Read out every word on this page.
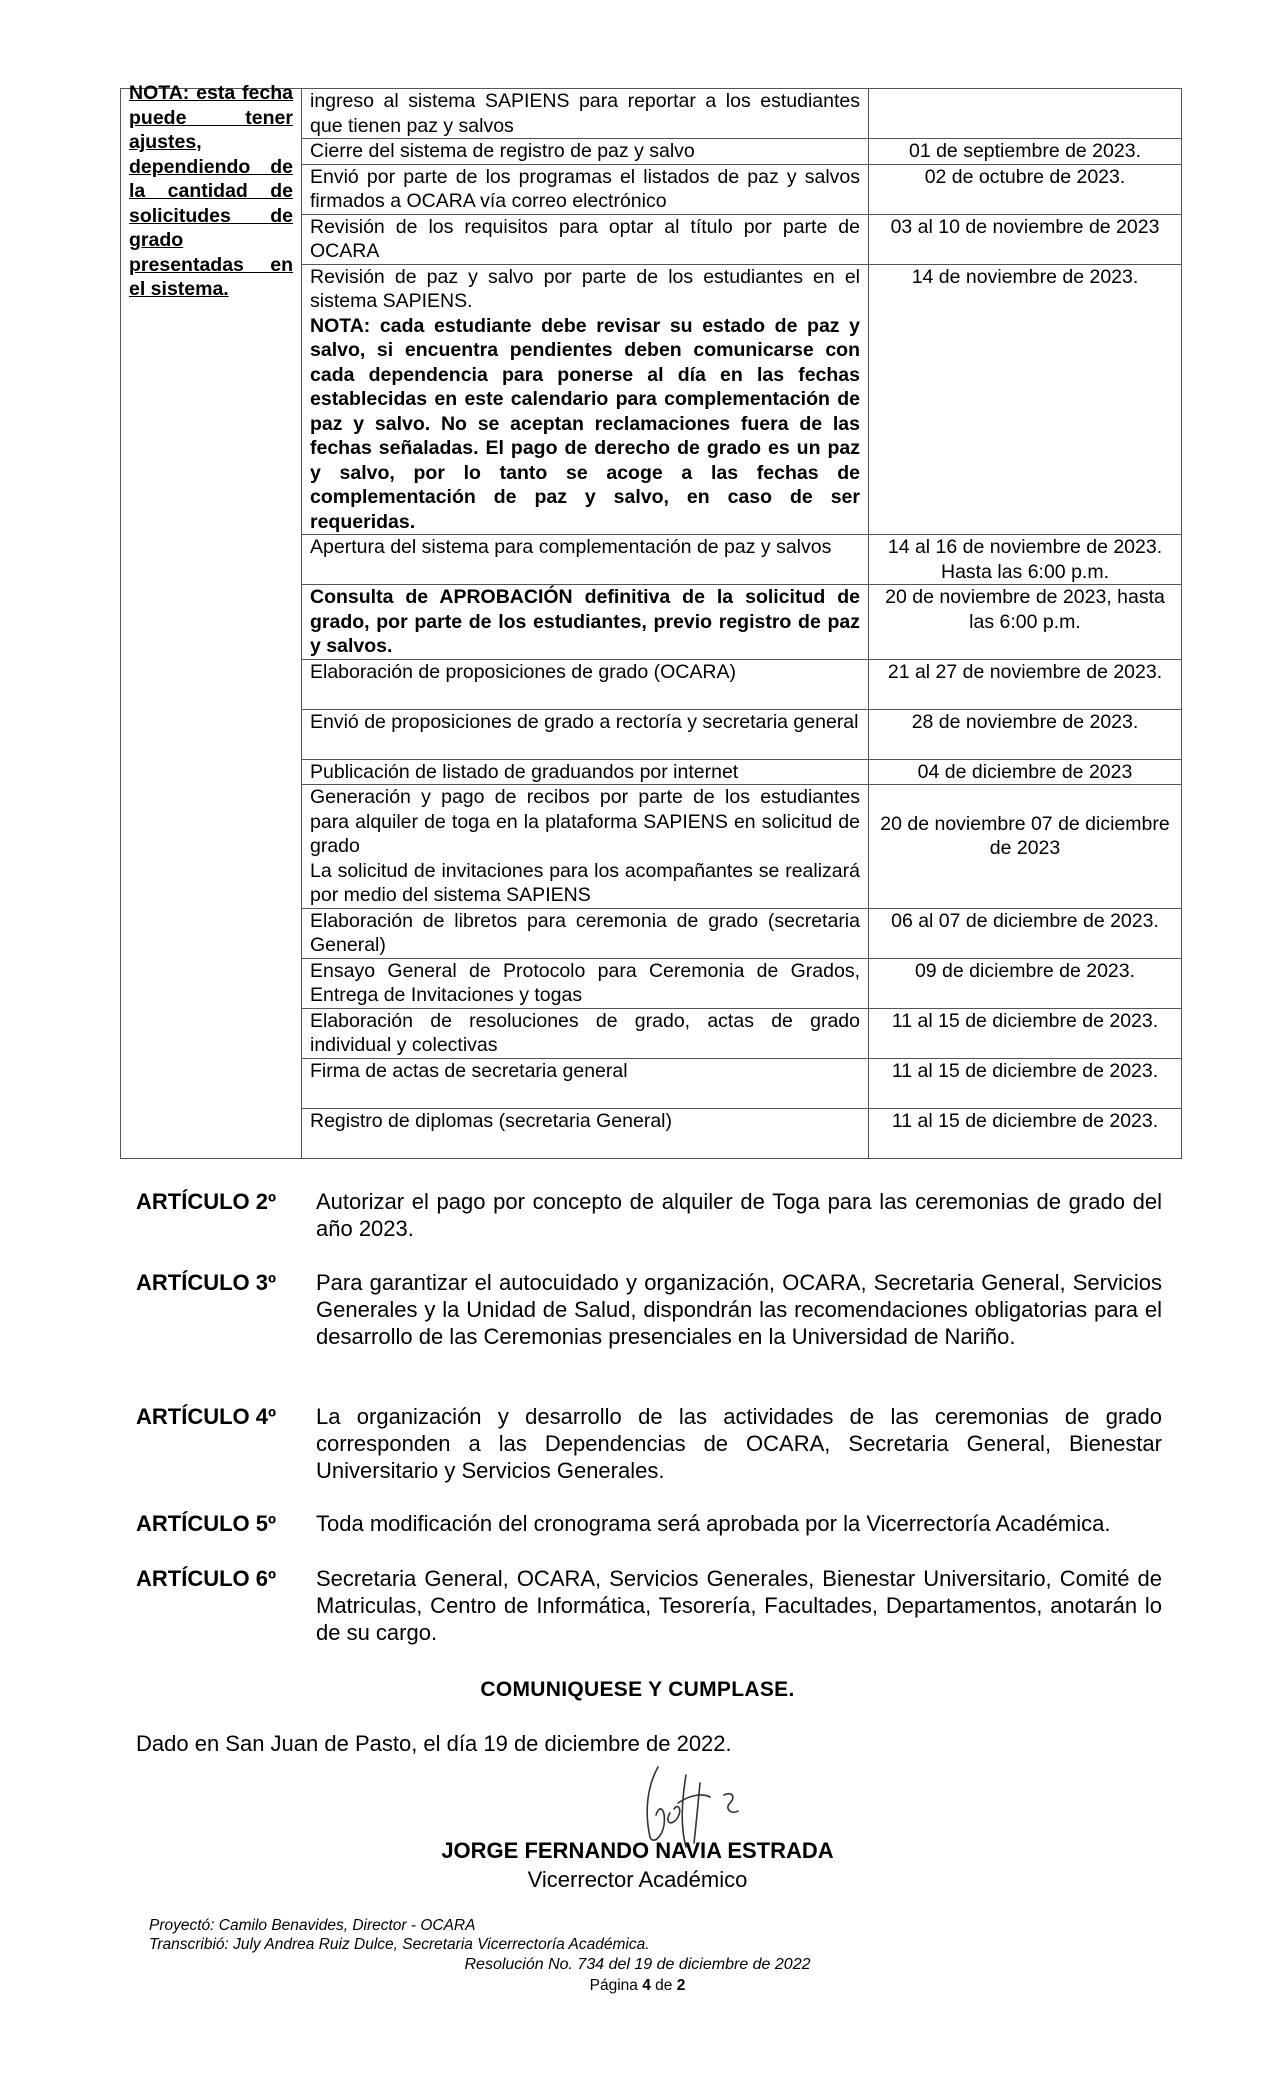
NOTA: esta fecha puede tener ajustes, dependiendo de la cantidad de solicitudes de grado presentadas en el sistema.	ingreso al sistema SAPIENS para reportar a los estudiantes que tienen paz y salvos	
	Cierre del sistema de registro de paz y salvo	01 de septiembre de 2023.
	Envió por parte de los programas el listados de paz y salvos firmados a OCARA vía correo electrónico	02 de octubre de 2023.
	Revisión de los requisitos para optar al título por parte de OCARA	03 al 10 de noviembre de 2023

	Revisión de paz y salvo por parte de los estudiantes en el sistema SAPIENS.
NOTA: cada estudiante debe revisar su estado de paz y salvo, si encuentra pendientes deben comunicarse con cada dependencia para ponerse al día en las fechas establecidas en este calendario para complementación de paz y salvo. No se aceptan reclamaciones fuera de las fechas señaladas. El pago de derecho de grado es un paz y salvo, por lo tanto se acoge a las fechas de complementación de paz y salvo, en caso de ser requeridas.	14 de noviembre de 2023.
	Apertura del sistema para complementación de paz y salvos	14 al 16 de noviembre de 2023. Hasta las 6:00 p.m.
	Consulta de APROBACIÓN definitiva de la solicitud de grado, por parte de los estudiantes, previo registro de paz y salvos.	20 de noviembre de 2023, hasta las 6:00 p.m.
	Elaboración de proposiciones de grado (OCARA)	21 al 27 de noviembre de 2023.
	Envió de proposiciones de grado a rectoría y secretaria general	28 de noviembre de 2023.
	Publicación de listado de graduandos por internet	04 de diciembre de 2023

	Generación y pago de recibos por parte de los estudiantes para alquiler de toga en la plataforma SAPIENS en solicitud de grado
La solicitud de invitaciones para los acompañantes se realizará por medio del sistema SAPIENS	20 de noviembre 07 de diciembre de 2023
	Elaboración de libretos para ceremonia de grado (secretaria General)	06 al 07 de diciembre de 2023.
	Ensayo General de Protocolo para Ceremonia de Grados, Entrega de Invitaciones y togas	09 de diciembre de 2023.
	Elaboración de resoluciones de grado, actas de grado individual y colectivas	11 al 15 de diciembre de 2023.
	Firma de actas de secretaria general	11 al 15 de diciembre de 2023.
	Registro de diplomas (secretaria General)	11 al 15 de diciembre de 2023.
ARTÍCULO 2º Autorizar el pago por concepto de alquiler de Toga para las ceremonias de grado del año 2023.
ARTÍCULO 3º Para garantizar el autocuidado y organización, OCARA, Secretaria General, Servicios Generales y la Unidad de Salud, dispondrán las recomendaciones obligatorias para el desarrollo de las Ceremonias presenciales en la Universidad de Nariño.
ARTÍCULO 4º La organización y desarrollo de las actividades de las ceremonias de grado corresponden a las Dependencias de OCARA, Secretaria General, Bienestar Universitario y Servicios Generales.
ARTÍCULO 5º Toda modificación del cronograma será aprobada por la Vicerrectoría Académica.
ARTÍCULO 6º Secretaria General, OCARA, Servicios Generales, Bienestar Universitario, Comité de Matriculas, Centro de Informática, Tesorería, Facultades, Departamentos, anotarán lo de su cargo.
COMUNIQUESE Y CUMPLASE.
Dado en San Juan de Pasto, el día 19 de diciembre de 2022.
JORGE FERNANDO NAVIA ESTRADA
Vicerrector Académico
Proyectó: Camilo Benavides, Director - OCARA
Transcribió: July Andrea Ruiz Dulce, Secretaria Vicerrectoría Académica.
Resolución No. 734 del 19 de diciembre de 2022
Página 4 de 2
